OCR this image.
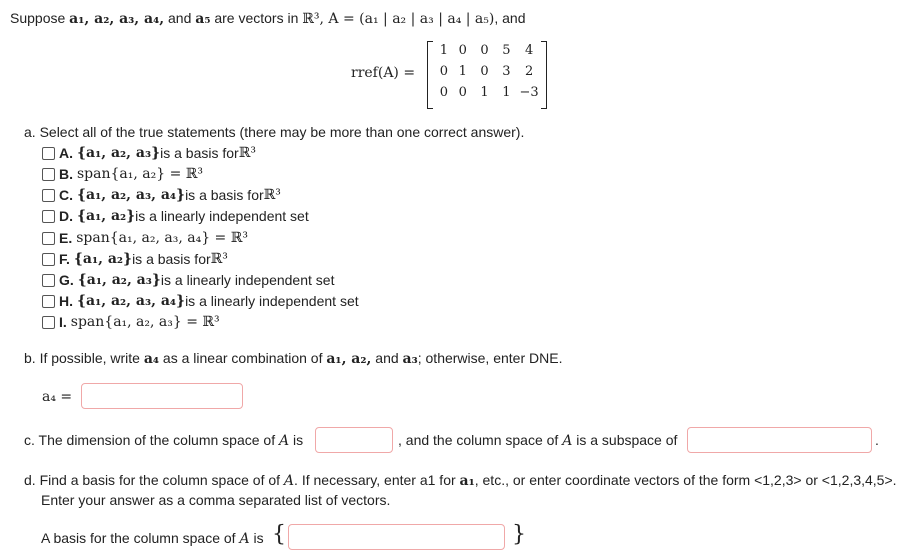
Suppose a₁, a₂, a₃, a₄, and a₅ are vectors in ℝ³, A = (a₁ | a₂ | a₃ | a₄ | a₅), and
rref(A) =
1 0	0	5	4
0 1	0	3	2
0 0	1	1 −3
a. Select all of the true statements (there may be more than one correct answer).
A. {a₁, a₂, a₃} is a basis for ℝ³
B. span{a₁, a₂} = ℝ³
C. {a₁, a₂, a₃, a₄} is a basis for ℝ³
D. {a₁, a₂} is a linearly independent set
E. span{a₁, a₂, a₃, a₄} = ℝ³
F. {a₁, a₂} is a basis for ℝ³
G. {a₁, a₂, a₃} is a linearly independent set
H. {a₁, a₂, a₃, a₄} is a linearly independent set
I. span{a₁, a₂, a₃} = ℝ³
b. If possible, write a₄ as a linear combination of a₁, a₂, and a₃; otherwise, enter DNE.
a₄ =
c. The dimension of the column space of A is	, and the column space of A is a subspace of	.
d. Find a basis for the column space of of A. If necessary, enter a1 for a₁, etc., or enter coordinate vectors of the form <1,2,3> or <1,2,3,4,5>.
Enter your answer as a comma separated list of vectors.
A basis for the column space of A is {	}
